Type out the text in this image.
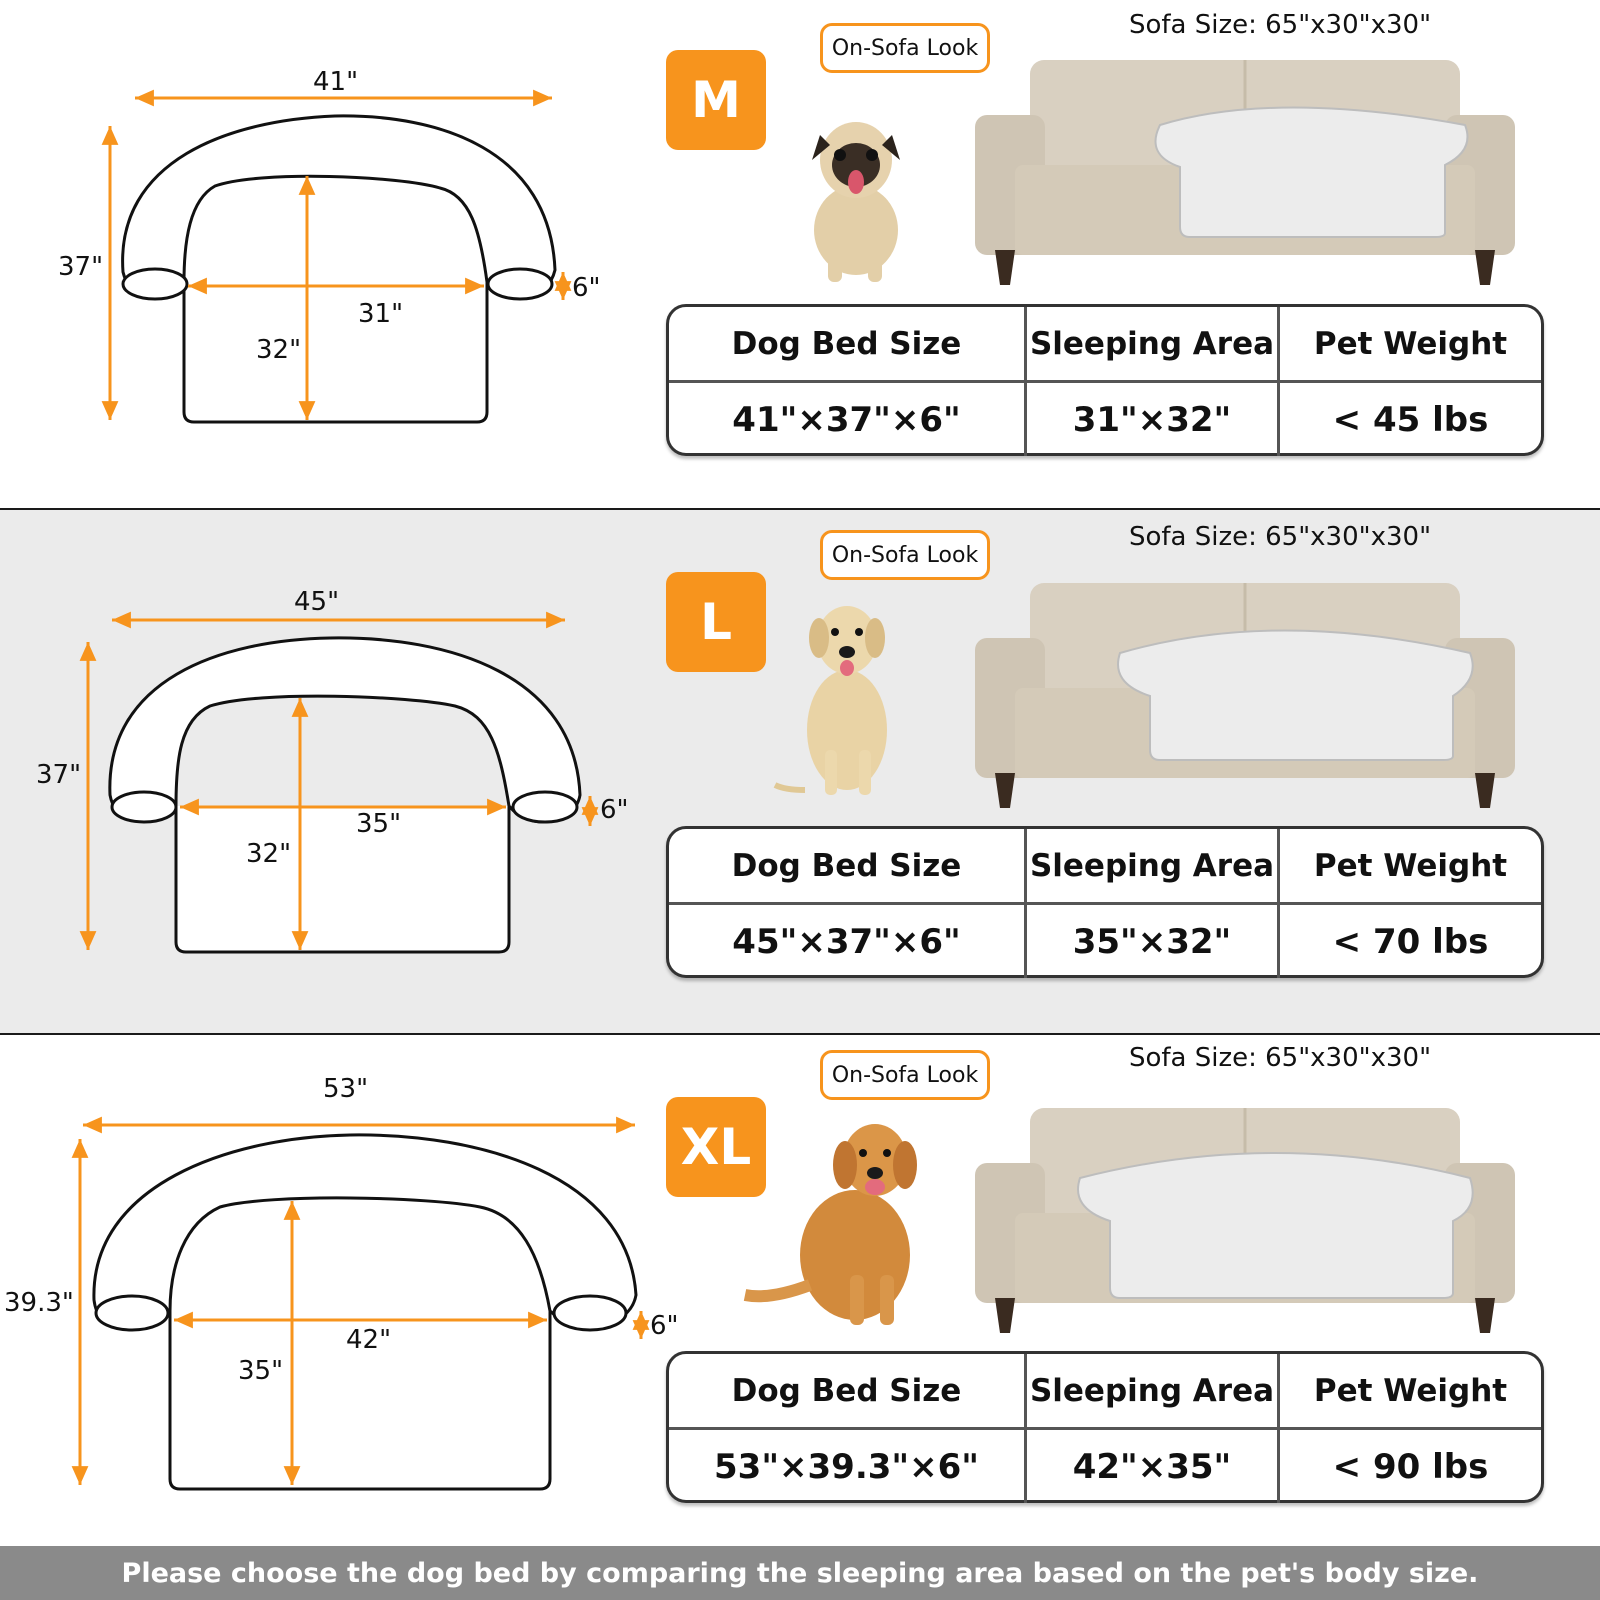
41"
37"
31"
32"
6"
M
On-Sofa Look
Sofa Size: 65"x30"x30"
Dog Bed Size	Sleeping Area	Pet Weight
41"×37"×6"	31"×32"	< 45 lbs
45"
37"
35"
32"
6"
L
On-Sofa Look
Sofa Size: 65"x30"x30"
Dog Bed Size	Sleeping Area	Pet Weight
45"×37"×6"	35"×32"	< 70 lbs
53"
39.3"
42"
35"
6"
XL
On-Sofa Look
Sofa Size: 65"x30"x30"
Dog Bed Size	Sleeping Area	Pet Weight
53"×39.3"×6"	42"×35"	< 90 lbs
Please choose the dog bed by comparing the sleeping area based on the pet's body size.
